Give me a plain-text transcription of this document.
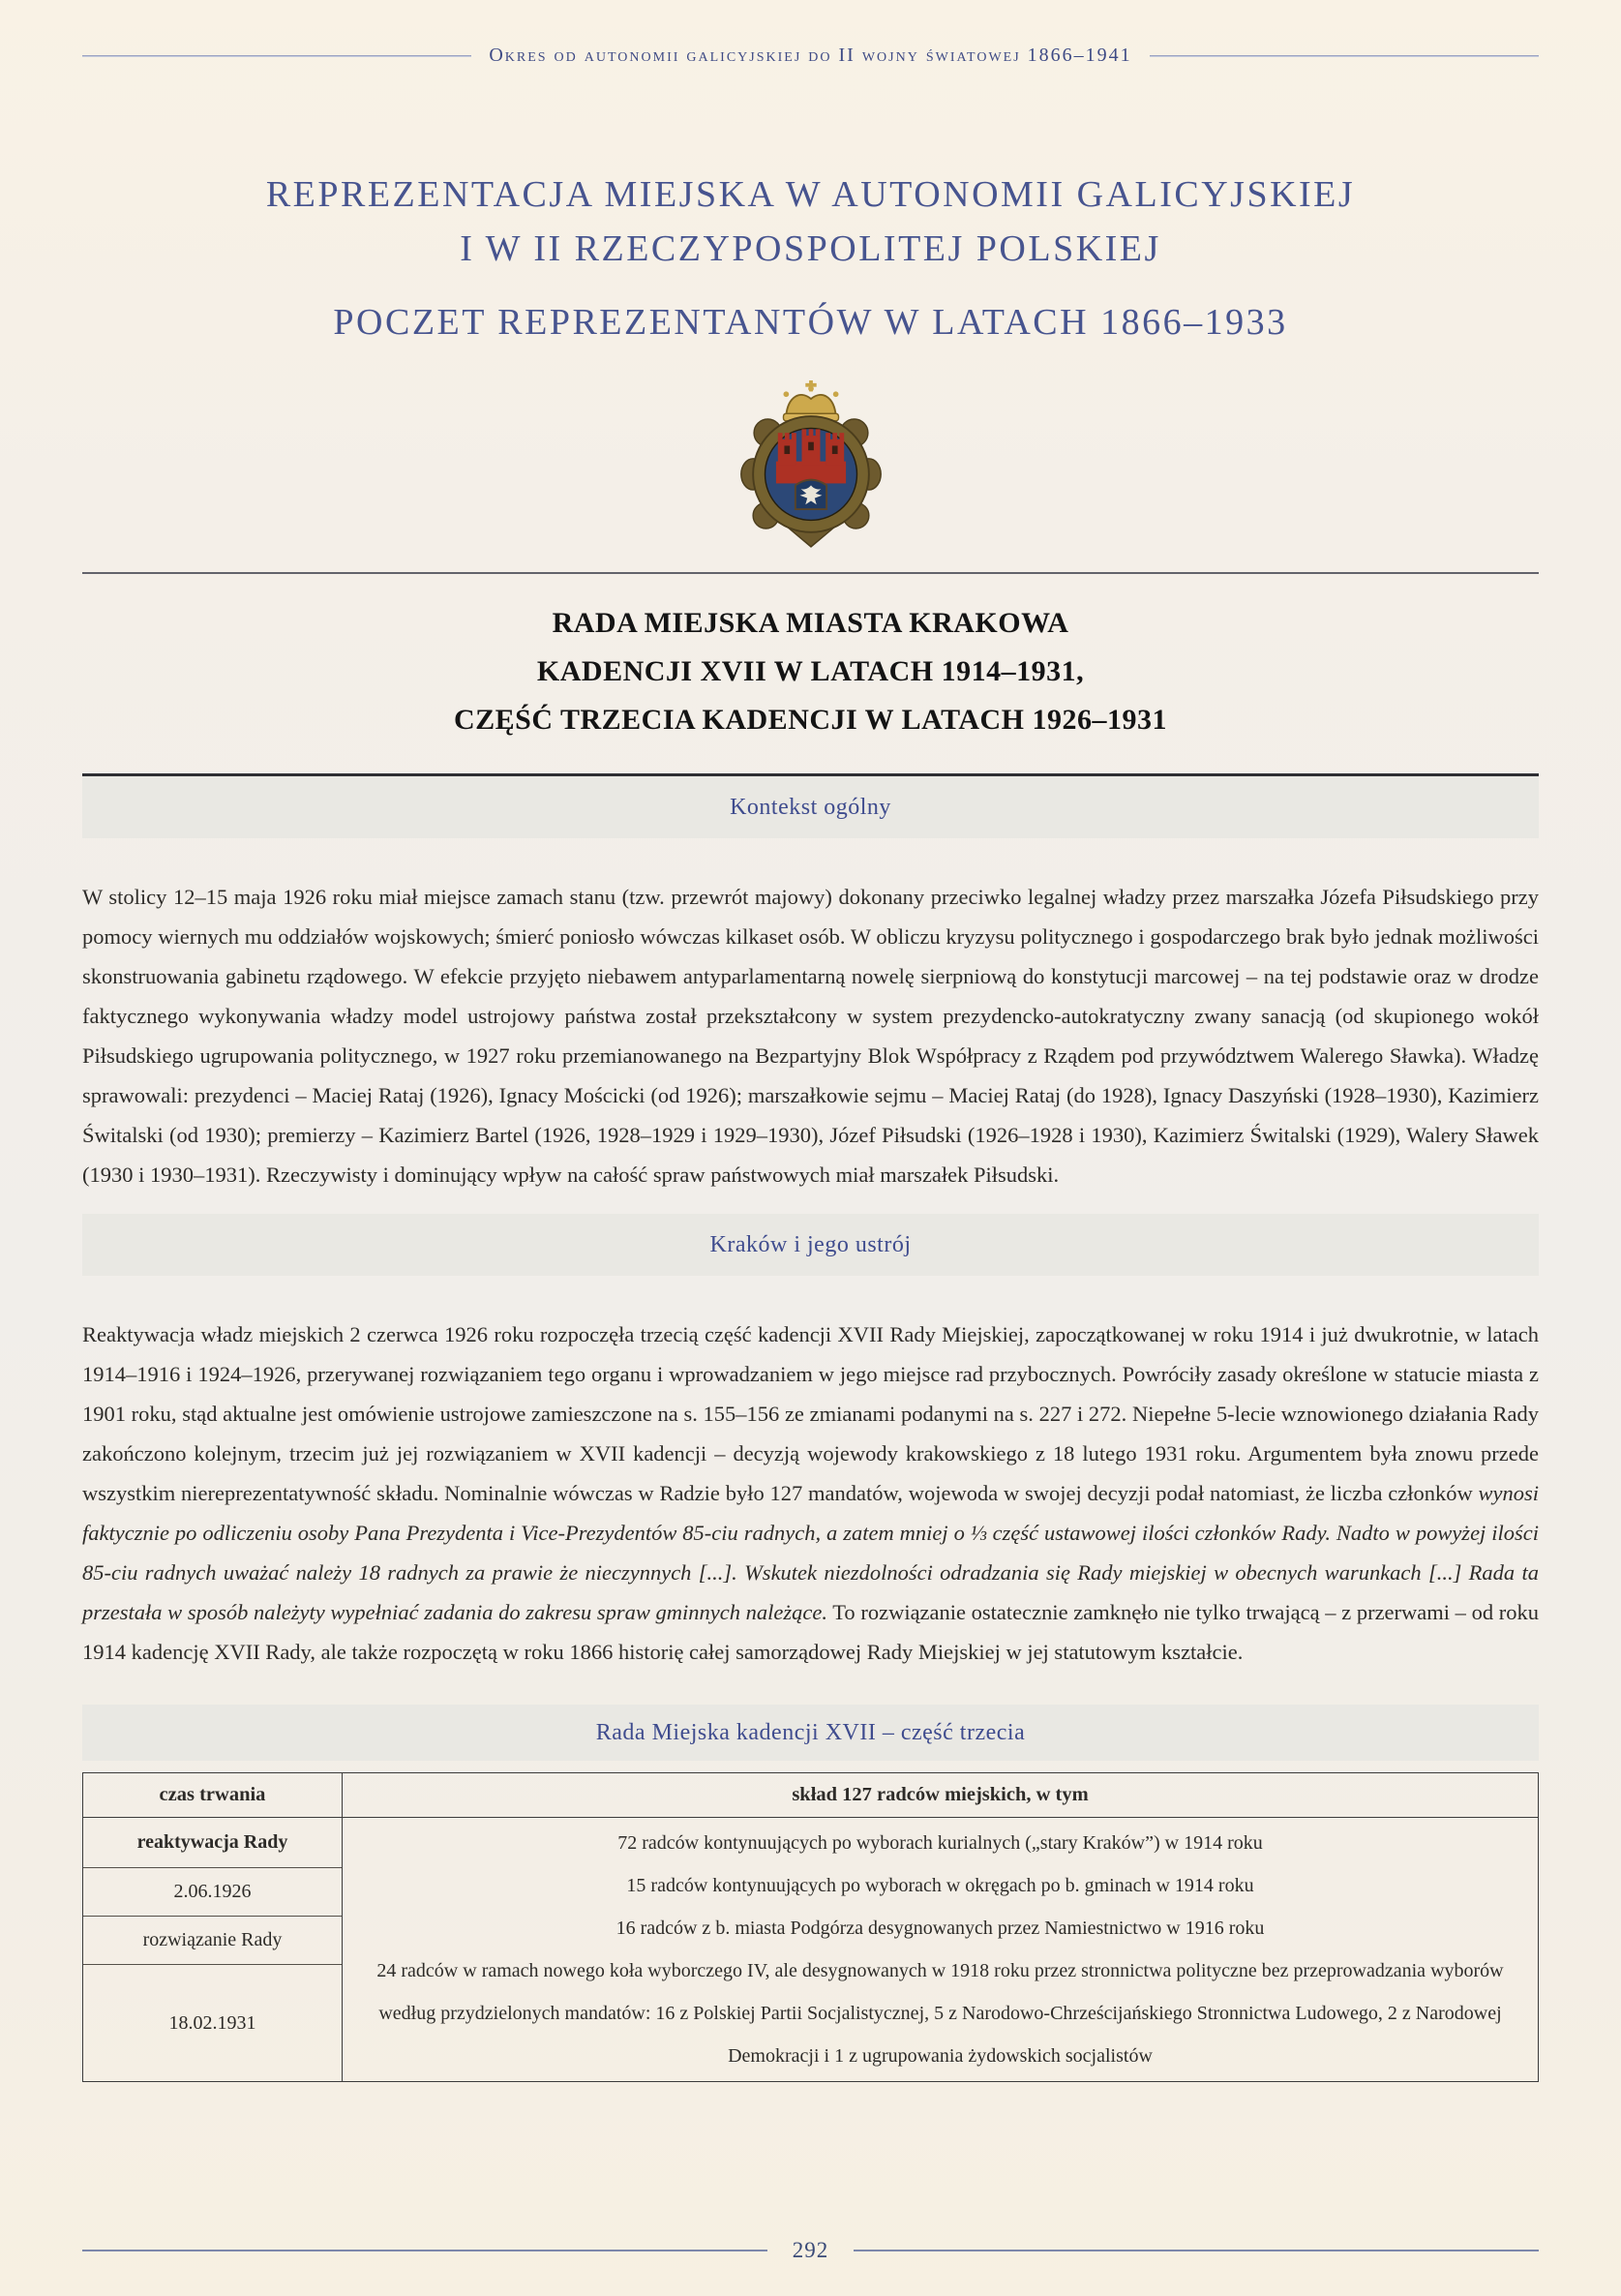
Okres od autonomii galicyjskiej do II wojny światowej 1866–1941
REPREZENTACJA MIEJSKA W AUTONOMII GALICYJSKIEJ
I W II RZECZYPOSPOLITEJ POLSKIEJ
POCZET REPREZENTANTÓW W LATACH 1866–1933
RADA MIEJSKA MIASTA KRAKOWA
KADENCJI XVII W LATACH 1914–1931,
CZĘŚĆ TRZECIA KADENCJI W LATACH 1926–1931
Kontekst ogólny

W stolicy 12–15 maja 1926 roku miał miejsce zamach stanu (tzw. przewrót majowy) dokonany przeciwko legalnej władzy przez marszałka Józefa Piłsudskiego przy pomocy wiernych mu oddziałów wojskowych; śmierć poniosło wówczas kilkaset osób. W obliczu kryzysu politycznego i gospodarczego brak było jednak możliwości skonstruowania gabinetu rządowego. W efekcie przyjęto niebawem antyparlamentarną nowelę sierpniową do konstytucji marcowej – na tej podstawie oraz w drodze faktycznego wykonywania władzy model ustrojowy państwa został przekształcony w system prezydencko-autokratyczny zwany sanacją (od skupionego wokół Piłsudskiego ugrupowania politycznego, w 1927 roku przemianowanego na Bezpartyjny Blok Współpracy z Rządem pod przywództwem Walerego Sławka). Władzę sprawowali: prezydenci – Maciej Rataj (1926), Ignacy Mościcki (od 1926); marszałkowie sejmu – Maciej Rataj (do 1928), Ignacy Daszyński (1928–1930), Kazimierz Świtalski (od 1930); premierzy – Kazimierz Bartel (1926, 1928–1929 i 1929–1930), Józef Piłsudski (1926–1928 i 1930), Kazimierz Świtalski (1929), Walery Sławek (1930 i 1930–1931). Rzeczywisty i dominujący wpływ na całość spraw państwowych miał marszałek Piłsudski.

Kraków i jego ustrój

Reaktywacja władz miejskich 2 czerwca 1926 roku rozpoczęła trzecią część kadencji XVII Rady Miejskiej, zapoczątkowanej w roku 1914 i już dwukrotnie, w latach 1914–1916 i 1924–1926, przerywanej rozwiązaniem tego organu i wprowadzaniem w jego miejsce rad przybocznych. Powróciły zasady określone w statucie miasta z 1901 roku, stąd aktualne jest omówienie ustrojowe zamieszczone na s. 155–156 ze zmianami podanymi na s. 227 i 272. Niepełne 5-lecie wznowionego działania Rady zakończono kolejnym, trzecim już jej rozwiązaniem w XVII kadencji – decyzją wojewody krakowskiego z 18 lutego 1931 roku. Argumentem była znowu przede wszystkim niereprezentatywność składu. Nominalnie wówczas w Radzie było 127 mandatów, wojewoda w swojej decyzji podał natomiast, że liczba członków wynosi faktycznie po odliczeniu osoby Pana Prezydenta i Vice-Prezydentów 85-ciu radnych, a zatem mniej o ⅓ część ustawowej ilości członków Rady. Nadto w powyżej ilości 85-ciu radnych uważać należy 18 radnych za prawie że nieczynnych [...]. Wskutek niezdolności odradzania się Rady miejskiej w obecnych warunkach [...] Rada ta przestała w sposób należyty wypełniać zadania do zakresu spraw gminnych należące. To rozwiązanie ostatecznie zamknęło nie tylko trwającą – z przerwami – od roku 1914 kadencję XVII Rady, ale także rozpoczętą w roku 1866 historię całej samorządowej Rady Miejskiej w jej statutowym kształcie.

Rada Miejska kadencji XVII – część trzecia
czas trwania
reaktywacja Rady
2.06.1926
rozwiązanie Rady
18.02.1931
skład 127 radców miejskich, w tym
72 radców kontynuujących po wyborach kurialnych („stary Kraków”) w 1914 roku
15 radców kontynuujących po wyborach w okręgach po b. gminach w 1914 roku
16 radców z b. miasta Podgórza desygnowanych przez Namiestnictwo w 1916 roku
24 radców w ramach nowego koła wyborczego IV, ale desygnowanych w 1918 roku przez stronnictwa polityczne bez przeprowadzania wyborów według przydzielonych mandatów: 16 z Polskiej Partii Socjalistycznej, 5 z Narodowo-Chrześcijańskiego Stronnictwa Ludowego, 2 z Narodowej Demokracji i 1 z ugrupowania żydowskich socjalistów
292
